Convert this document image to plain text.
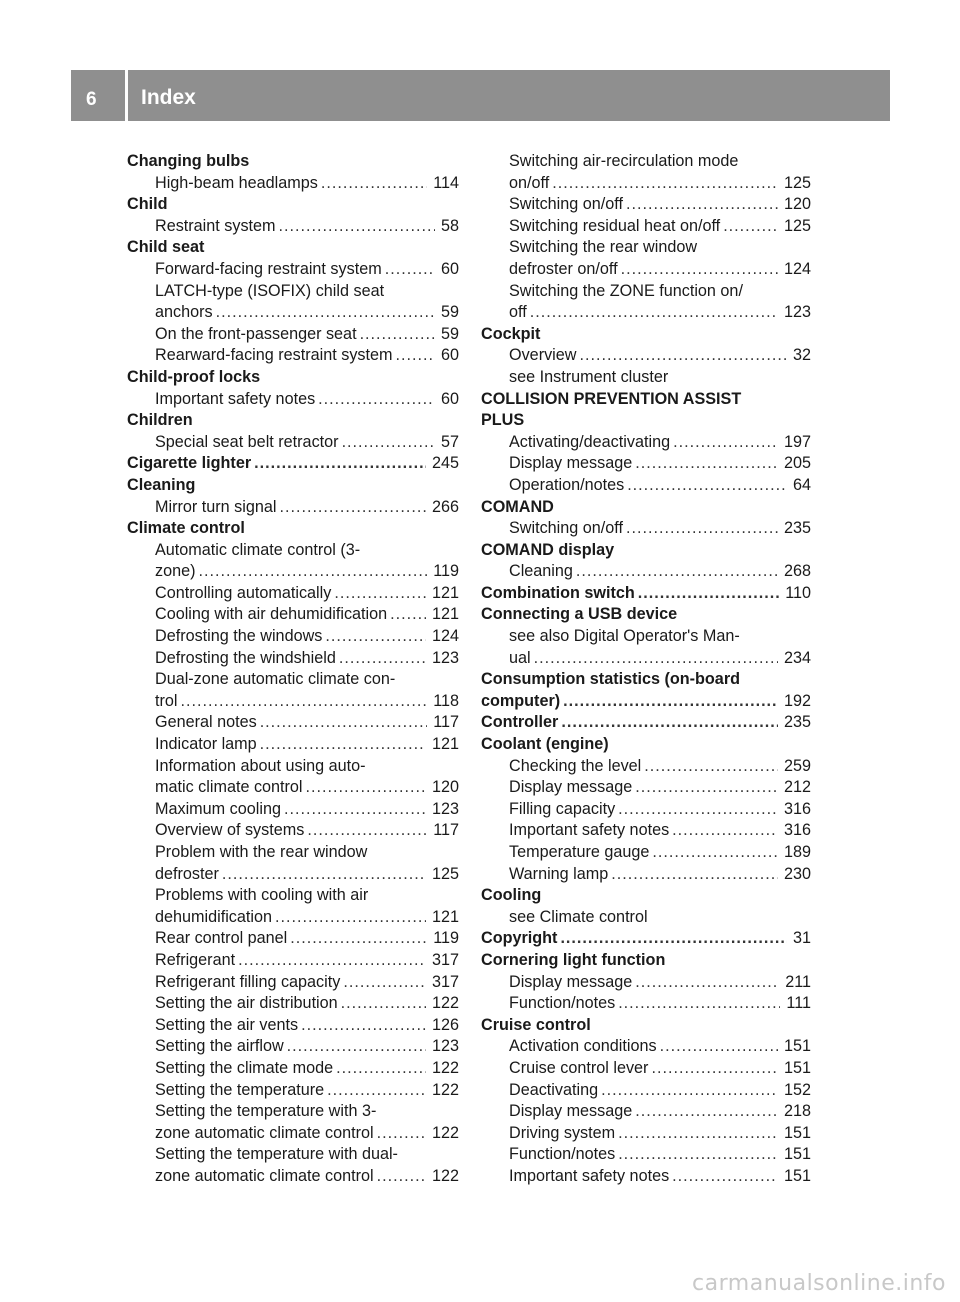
6 Index
Changing bulbs
High-beam headlamps .....	114
Child
Restraint system .....	58
Child seat
Forward-facing restraint system .....	60
LATCH-type (ISOFIX) child seat
anchors .....	59
On the front-passenger seat .....	59
Rearward-facing restraint system .....	60
Child-proof locks
Important safety notes .....	60
Children
Special seat belt retractor .....	57
Cigarette lighter .....	245
Cleaning
Mirror turn signal .....	266
Climate control
Automatic climate control (3-
zone) .....	119
Controlling automatically .....	121
Cooling with air dehumidification .....	121
Defrosting the windows .....	124
Defrosting the windshield .....	123
Dual-zone automatic climate con-
trol .....	118
General notes .....	117
Indicator lamp .....	121
Information about using auto-
matic climate control .....	120
Maximum cooling .....	123
Overview of systems .....	117
Problem with the rear window
defroster .....	125
Problems with cooling with air
dehumidification .....	121
Rear control panel .....	119
Refrigerant .....	317
Refrigerant filling capacity .....	317
Setting the air distribution .....	122
Setting the air vents .....	126
Setting the airflow .....	123
Setting the climate mode .....	122
Setting the temperature .....	122
Setting the temperature with 3-
zone automatic climate control .....	122
Setting the temperature with dual-
zone automatic climate control .....	122
Switching air-recirculation mode
on/off .....	125
Switching on/off .....	120
Switching residual heat on/off .....	125
Switching the rear window
defroster on/off .....	124
Switching the ZONE function on/
off .....	123
Cockpit
Overview .....	32
see Instrument cluster
COLLISION PREVENTION ASSIST
PLUS
Activating/deactivating .....	197
Display message .....	205
Operation/notes .....	64
COMAND
Switching on/off .....	235
COMAND display
Cleaning .....	268
Combination switch .....	110
Connecting a USB device
see also Digital Operator's Man-
ual .....	234
Consumption statistics (on-board
computer) .....	192
Controller .....	235
Coolant (engine)
Checking the level .....	259
Display message .....	212
Filling capacity .....	316
Important safety notes .....	316
Temperature gauge .....	189
Warning lamp .....	230
Cooling
see Climate control
Copyright .....	31
Cornering light function
Display message .....	211
Function/notes .....	111
Cruise control
Activation conditions .....	151
Cruise control lever .....	151
Deactivating .....	152
Display message .....	218
Driving system .....	151
Function/notes .....	151
Important safety notes .....	151
carmanualsonline.info
